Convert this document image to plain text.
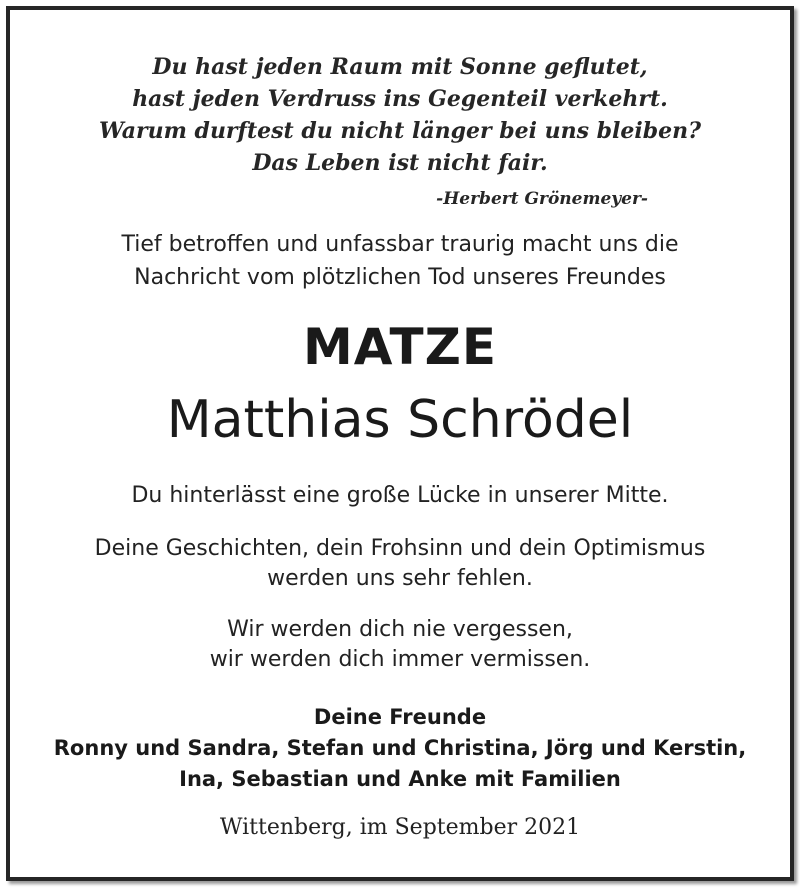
Du hast jeden Raum mit Sonne geflutet,

hast jeden Verdruss ins Gegenteil verkehrt.

Warum durftest du nicht länger bei uns bleiben?

Das Leben ist nicht fair.

-Herbert Grönemeyer-

Tief betroffen und unfassbar traurig macht uns die

Nachricht vom plötzlichen Tod unseres Freundes

MATZE

Matthias Schrödel

Du hinterlässt eine große Lücke in unserer Mitte.

Deine Geschichten, dein Frohsinn und dein Optimismus

werden uns sehr fehlen.

Wir werden dich nie vergessen,

wir werden dich immer vermissen.

Deine Freunde

Ronny und Sandra, Stefan und Christina, Jörg und Kerstin,

Ina, Sebastian und Anke mit Familien

Wittenberg, im September 2021
